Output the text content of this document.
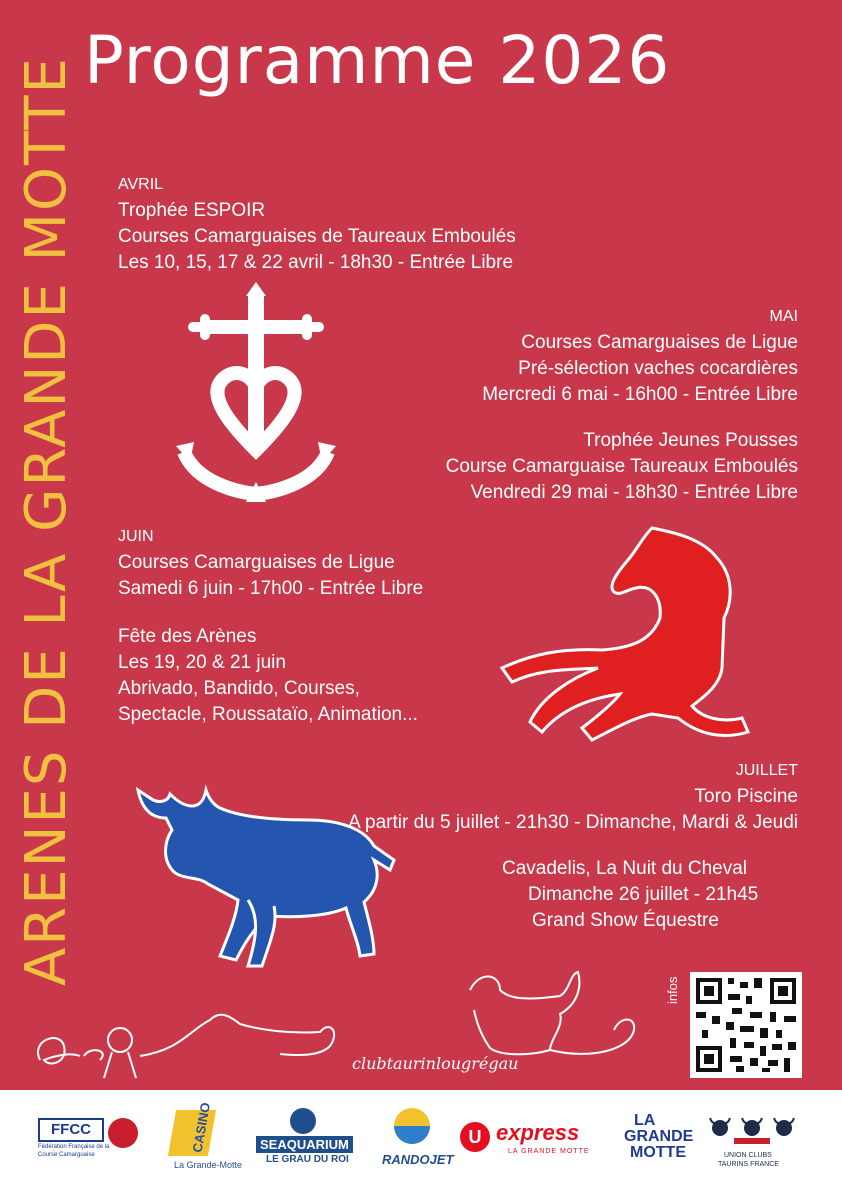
Programme 2026
ARENES DE LA GRANDE MOTTE AVRIL
Trophée ESPOIR
Courses Camarguaises de Taureaux Emboulés
Les 10, 15, 17 & 22 avril - 18h30 - Entrée Libre
MAI
Courses Camarguaises de Ligue
Pré-sélection vaches cocardières
Mercredi 6 mai - 16h00 - Entrée Libre
Trophée Jeunes Pousses
Course Camarguaise Taureaux Emboulés
Vendredi 29 mai - 18h30 - Entrée Libre
JUIN
Courses Camarguaises de Ligue
Samedi 6 juin - 17h00 - Entrée Libre
Fête des Arènes
Les 19, 20 & 21 juin
Abrivado, Bandido, Courses,
Spectacle, Roussataïo, Animation...
JUILLET
Toro Piscine
A partir du 5 juillet - 21h30 - Dimanche, Mardi & Jeudi
Cavadelis, La Nuit du Cheval
Dimanche 26 juillet - 21h45
Grand Show Équestre
clubtaurinlougrégau
infos
FFCC
Fédération Française de la
Course Camarguaise
CASINO
La Grande-Motte
SEAQUARIUM
LE GRAU DU ROI	RANDOJET
U express
LA GRANDE MOTTE
LA
GRANDE
MOTTE	UNION CLUBS
TAURINS FRANCE
